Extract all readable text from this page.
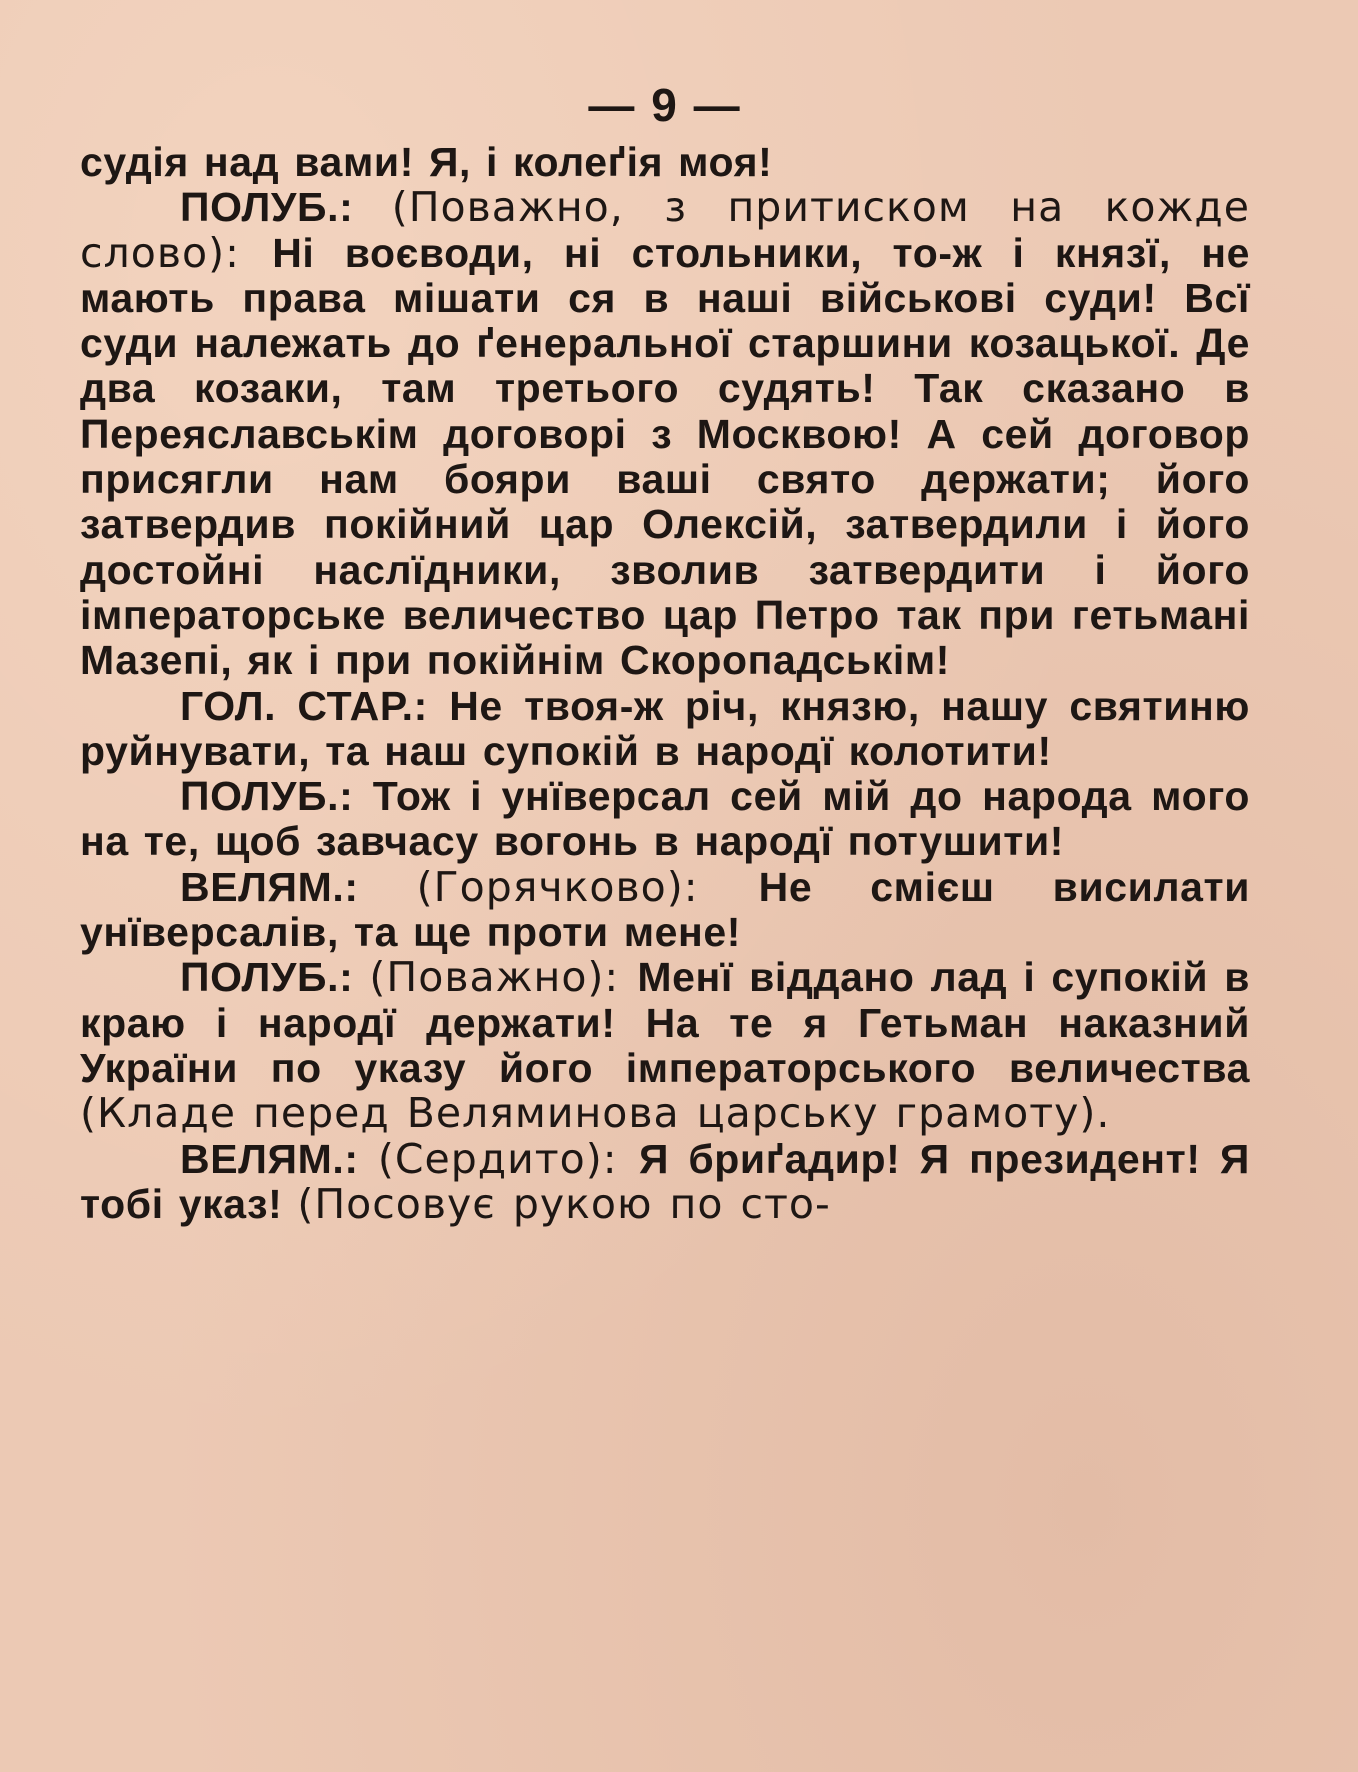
— 9 —

судія над вами! Я, і колеґія моя!

ПОЛУБ.: (Поважно, з притиском на кожде слово): Ні воєводи, ні стольники, то-ж і князї, не мають права мішати ся в наші військові суди! Всї суди належать до ґенеральної старшини козацької. Де два козаки, там третього судять! Так сказано в Переяславськім договорі з Москвою! А сей договор присягли нам бояри ваші свято держати; його затвердив покійний цар Олексій, затвердили і його достойні наслїдники, зволив затвердити і його імператорське величество цар Петро так при гетьмані Мазепі, як і при покійнім Скоропадськім!

ГОЛ. СТАР.: Не твоя-ж річ, князю, нашу святиню руйнувати, та наш супокій в народї колотити!

ПОЛУБ.: Тож і унїверсал сей мій до народа мого на те, щоб завчасу вогонь в народї потушити!

ВЕЛЯМ.: (Горячково): Не смієш висилати унїверсалів, та ще проти мене!

ПОЛУБ.: (Поважно): Менї віддано лад і супокій в краю і народї держати! На те я Гетьман наказний України по указу його імператорського величества (Кладе перед Веляминова царську грамоту).

ВЕЛЯМ.: (Сердито): Я бриґадир! Я президент! Я тобі указ! (Посовує рукою по сто-
